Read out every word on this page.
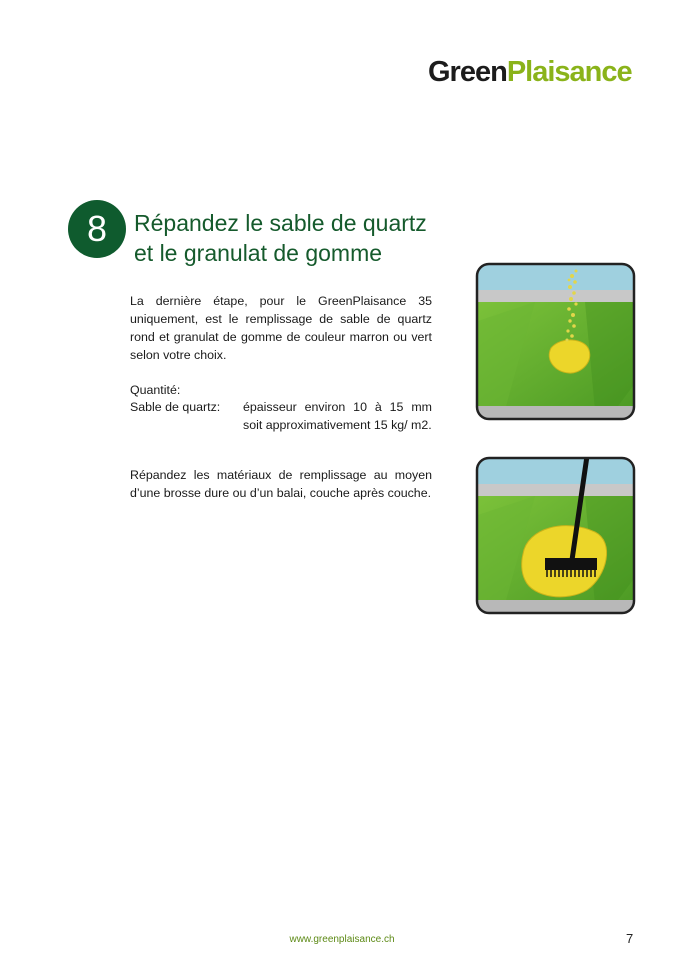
GreenPlaisance
8	Répandez le sable de quartz
et le granulat de gomme

La dernière étape, pour le GreenPlaisance 35 uniquement, est le remplissage de sable de quartz rond et granulat de gomme de couleur marron ou vert selon votre choix.

Quantité:
Sable de quartz:	épaisseur environ 10 à 15 mm soit approximativement 15 kg/ m2.

Répandez les matériaux de remplissage au moyen d’une brosse dure ou d’un balai, couche après couche.

www.greenplaisance.ch	7
